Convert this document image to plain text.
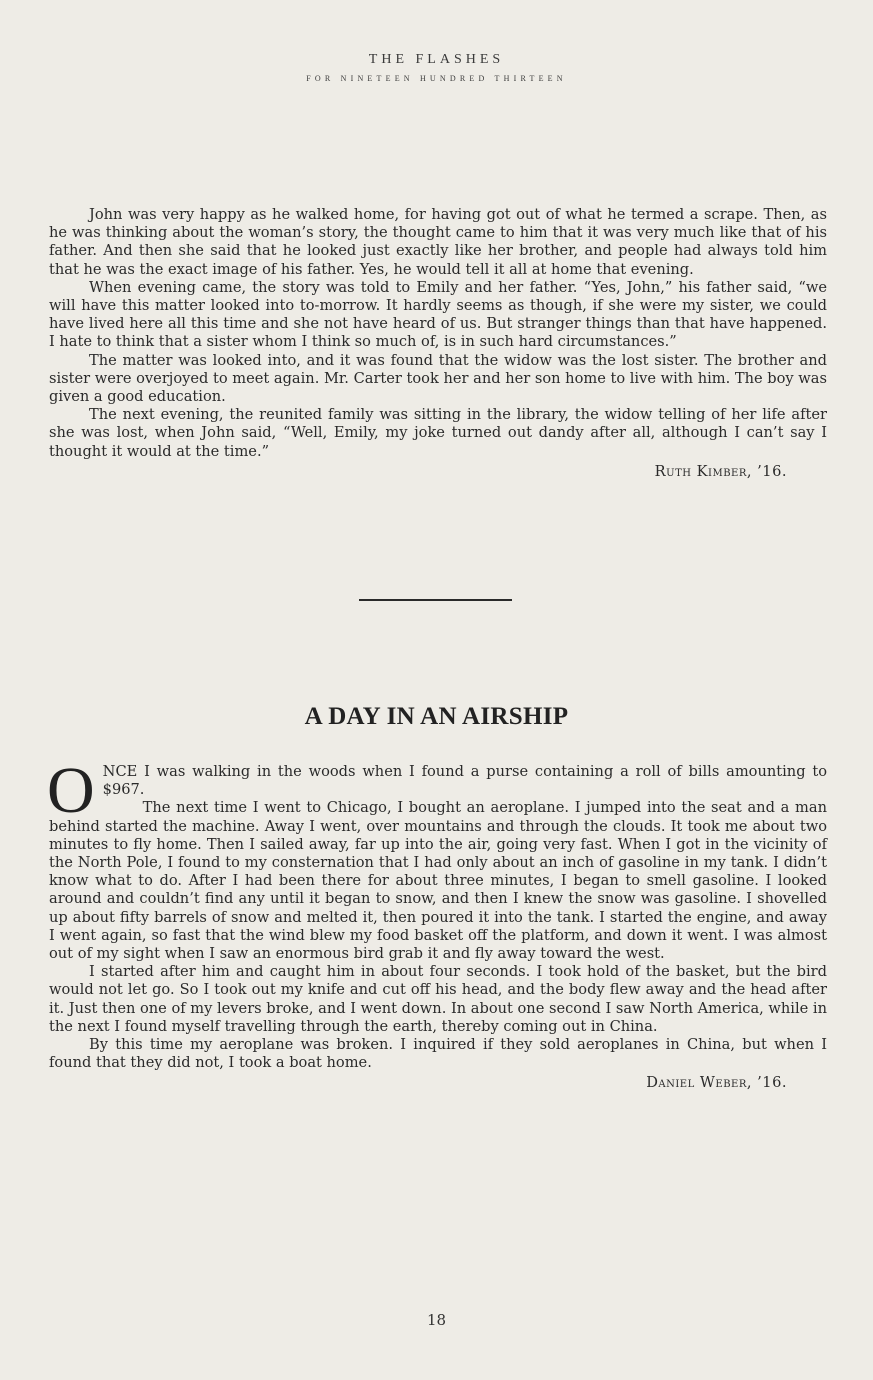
THE FLASHES
FOR NINETEEN HUNDRED THIRTEEN

John was very happy as he walked home, for having got out of what he termed a scrape. Then, as he was thinking about the woman’s story, the thought came to him that it was very much like that of his father. And then she said that he looked just exactly like her brother, and people had always told him that he was the exact image of his father. Yes, he would tell it all at home that evening.

When evening came, the story was told to Emily and her father. “Yes, John,” his father said, “we will have this matter looked into to-morrow. It hardly seems as though, if she were my sister, we could have lived here all this time and she not have heard of us. But stranger things than that have happened. I hate to think that a sister whom I think so much of, is in such hard circumstances.”

The matter was looked into, and it was found that the widow was the lost sister. The brother and sister were overjoyed to meet again. Mr. Carter took her and her son home to live with him. The boy was given a good education.

The next evening, the reunited family was sitting in the library, the widow telling of her life after she was lost, when John said, “Well, Emily, my joke turned out dandy after all, although I can’t say I thought it would at the time.”

Ruth Kimber, ’16.
A DAY IN AN AIRSHIP
O NCE I was walking in the woods when I found a purse containing a roll of bills amounting to $967.

The next time I went to Chicago, I bought an aeroplane. I jumped into the seat and a man behind started the machine. Away I went, over mountains and through the clouds. It took me about two minutes to fly home. Then I sailed away, far up into the air, going very fast. When I got in the vicinity of the North Pole, I found to my consternation that I had only about an inch of gasoline in my tank. I didn’t know what to do. After I had been there for about three minutes, I began to smell gasoline. I looked around and couldn’t find any until it began to snow, and then I knew the snow was gasoline. I shovelled up about fifty barrels of snow and melted it, then poured it into the tank. I started the engine, and away I went again, so fast that the wind blew my food basket off the platform, and down it went. I was almost out of my sight when I saw an enormous bird grab it and fly away toward the west.

I started after him and caught him in about four seconds. I took hold of the basket, but the bird would not let go. So I took out my knife and cut off his head, and the body flew away and the head after it. Just then one of my levers broke, and I went down. In about one second I saw North America, while in the next I found myself travelling through the earth, thereby coming out in China.

By this time my aeroplane was broken. I inquired if they sold aeroplanes in China, but when I found that they did not, I took a boat home.

Daniel Weber, ’16.
18
